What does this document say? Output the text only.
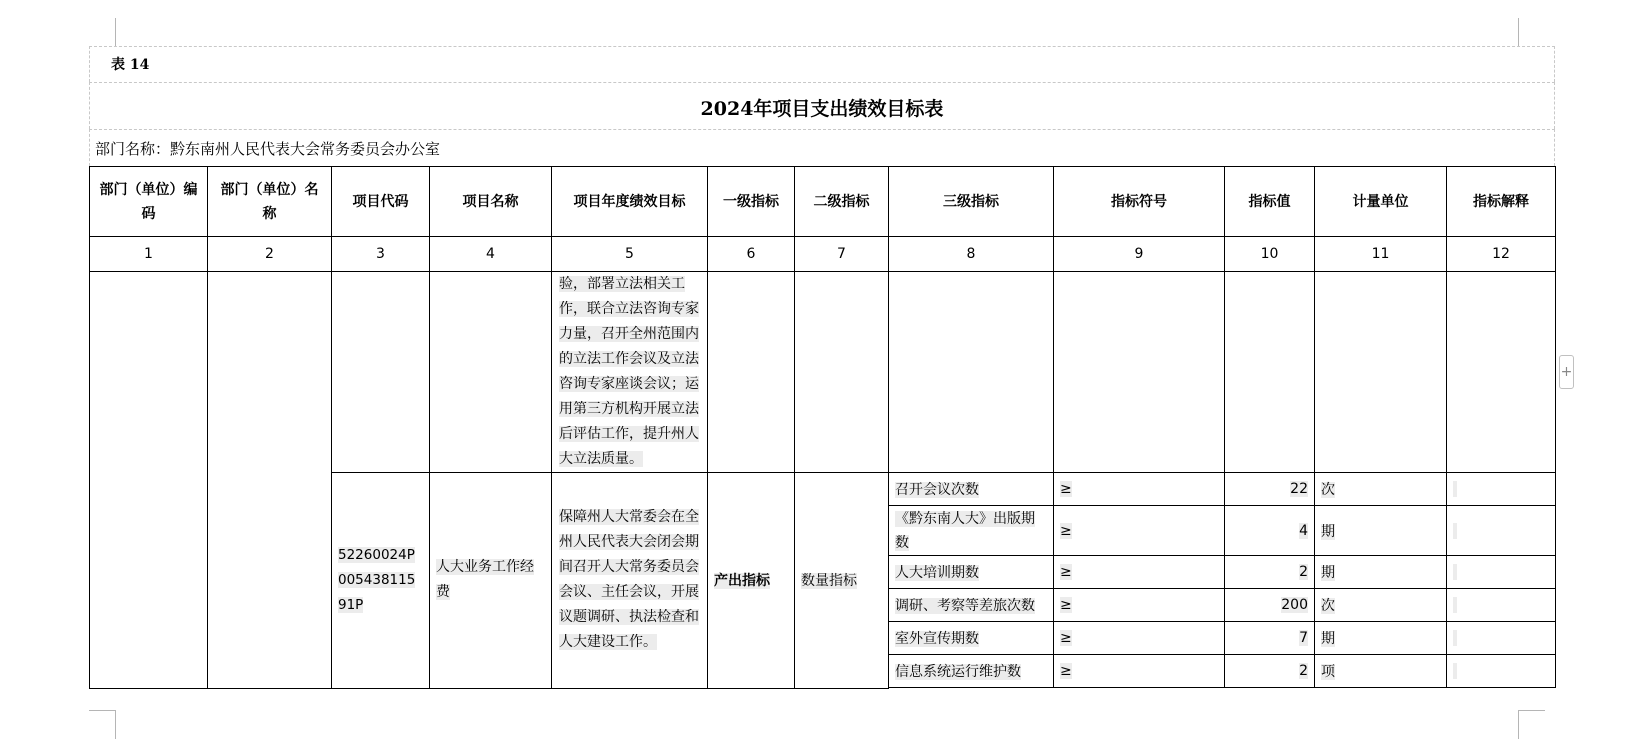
表 14
2024年项目支出绩效目标表
部门名称：黔东南州人民代表大会常务委员会办公室
部门（单位）编码	部门（单位）名称	项目代码	项目名称	项目年度绩效目标	一级指标	二级指标	三级指标	指标符号	指标值	计量单位	指标解释
1	2	3	4	5	6	7	8	9	10	11	12
				验，部署立法相关工作，联合立法咨询专家力量，召开全州范围内的立法工作会议及立法咨询专家座谈会议；运用第三方机构开展立法后评估工作，提升州人大立法质量。							
		52260024P00543811591P	人大业务工作经费	保障州人大常委会在全州人民代表大会闭会期间召开人大常务委员会会议、主任会议，开展议题调研、执法检查和人大建设工作。	产出指标	数量指标	召开会议次数	≥	22	次	
							《黔东南人大》出版期数	≥	4	期	
							人大培训期数	≥	2	期	
							调研、考察等差旅次数	≥	200	次	
							室外宣传期数	≥	7	期	
							信息系统运行维护数	≥	2	项	

+
